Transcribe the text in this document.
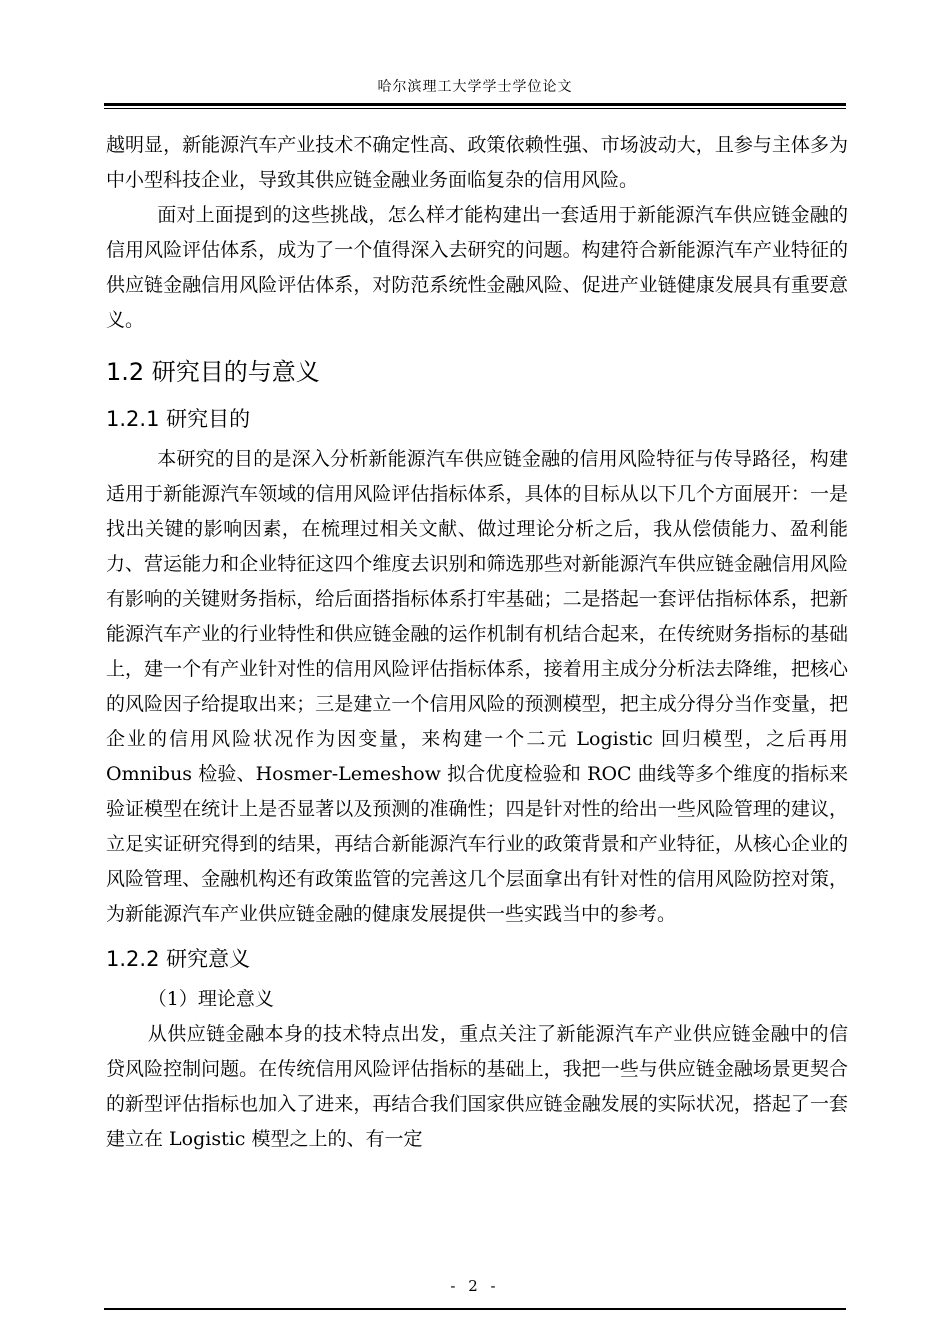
哈尔滨理工大学学士学位论文

越明显，新能源汽车产业技术不确定性高、政策依赖性强、市场波动大，且参与主体多为中小型科技企业，导致其供应链金融业务面临复杂的信用风险。

面对上面提到的这些挑战，怎么样才能构建出一套适用于新能源汽车供应链金融的信用风险评估体系，成为了一个值得深入去研究的问题。构建符合新能源汽车产业特征的供应链金融信用风险评估体系，对防范系统性金融风险、促进产业链健康发展具有重要意义。

1.2 研究目的与意义
1.2.1 研究目的

本研究的目的是深入分析新能源汽车供应链金融的信用风险特征与传导路径，构建适用于新能源汽车领域的信用风险评估指标体系，具体的目标从以下几个方面展开：一是找出关键的影响因素，在梳理过相关文献、做过理论分析之后，我从偿债能力、盈利能力、营运能力和企业特征这四个维度去识别和筛选那些对新能源汽车供应链金融信用风险有影响的关键财务指标，给后面搭指标体系打牢基础；二是搭起一套评估指标体系，把新能源汽车产业的行业特性和供应链金融的运作机制有机结合起来，在传统财务指标的基础上，建一个有产业针对性的信用风险评估指标体系，接着用主成分分析法去降维，把核心的风险因子给提取出来；三是建立一个信用风险的预测模型，把主成分得分当作变量，把企业的信用风险状况作为因变量，来构建一个二元 Logistic 回归模型，之后再用 Omnibus 检验、Hosmer-Lemeshow 拟合优度检验和 ROC 曲线等多个维度的指标来验证模型在统计上是否显著以及预测的准确性；四是针对性的给出一些风险管理的建议，立足实证研究得到的结果，再结合新能源汽车行业的政策背景和产业特征，从核心企业的风险管理、金融机构还有政策监管的完善这几个层面拿出有针对性的信用风险防控对策，为新能源汽车产业供应链金融的健康发展提供一些实践当中的参考。

1.2.2 研究意义
（1）理论意义

从供应链金融本身的技术特点出发，重点关注了新能源汽车产业供应链金融中的信贷风险控制问题。在传统信用风险评估指标的基础上，我把一些与供应链金融场景更契合的新型评估指标也加入了进来，再结合我们国家供应链金融发展的实际状况，搭起了一套建立在 Logistic 模型之上的、有一定

- 2 -
